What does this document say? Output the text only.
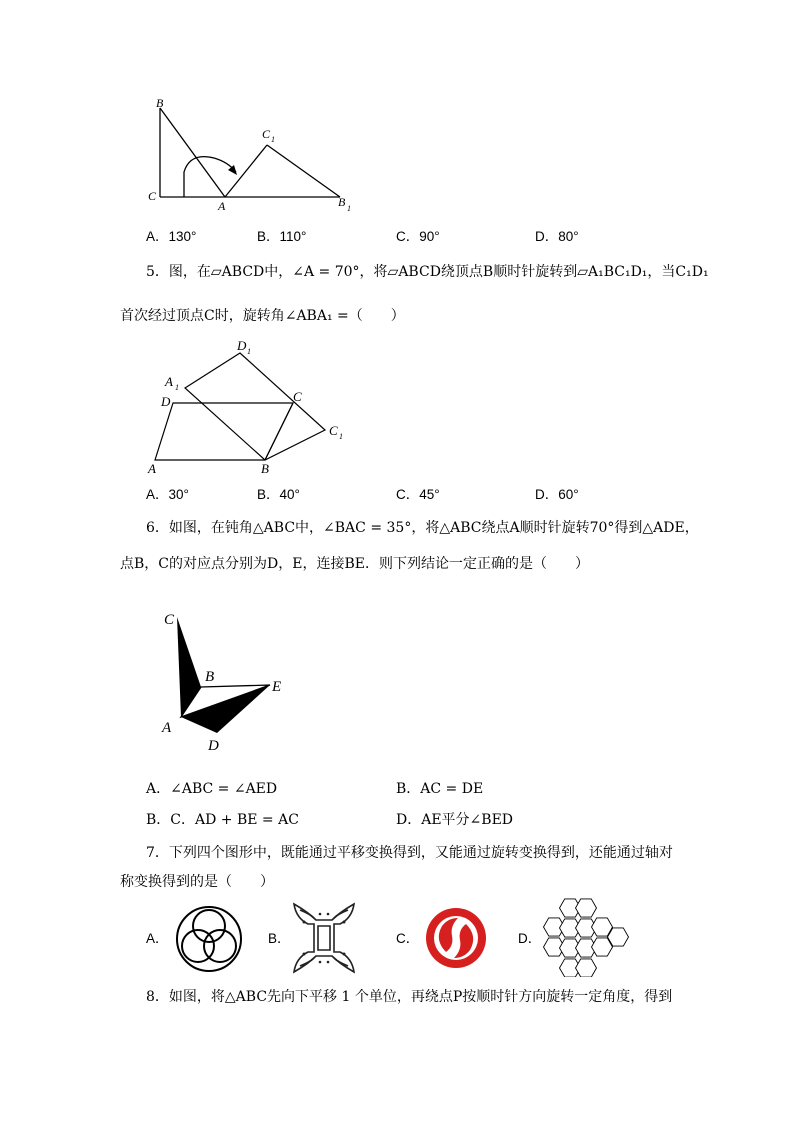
B
C
A
C 1
B 1
A．130°	B．110°	C．90°	D．80°
5．图，在▱ABCD中，∠A = 70°，将▱ABCD绕顶点B顺时针旋转到▱A₁BC₁D₁，当C₁D₁
首次经过顶点C时，旋转角∠ABA₁ =（　　）
D 1
A 1
D	C
C 1
A	B
A．30°	B．40°	C．45°	D．60°
6．如图，在钝角△ABC中，∠BAC = 35°，将△ABC绕点A顺时针旋转70°得到△ADE，
点B，C的对应点分别为D，E，连接BE．则下列结论一定正确的是（　　）
C
B
E
A
D
A．∠ABC = ∠AED	B．AC = DE
B．C．AD + BE = AC	D．AE平分∠BED
7．下列四个图形中，既能通过平移变换得到，又能通过旋转变换得到，还能通过轴对
称变换得到的是（　　）
A．	B．	C．	D．
8．如图，将△ABC先向下平移 1 个单位，再绕点P按顺时针方向旋转一定角度，得到
